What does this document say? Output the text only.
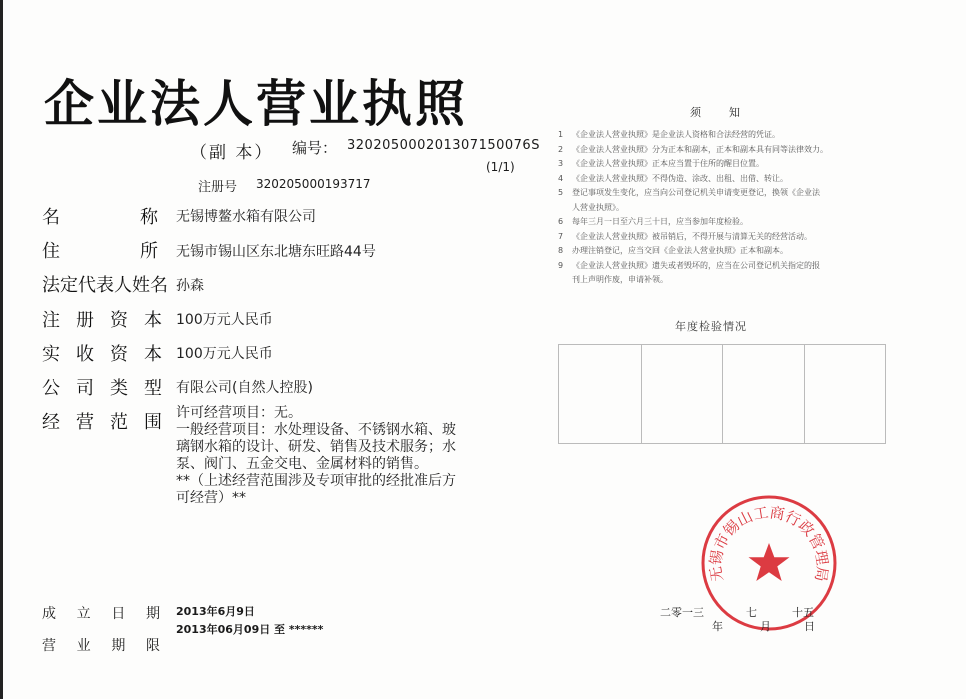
企业法人营业执照
（副 本） 编号： 320205000201307150076S
(1/1)
注册号 320205000193717
名	称 无锡博鳌水箱有限公司
住	所 无锡市锡山区东北塘东旺路44号
法定代表人姓名 孙森
注 册 资 本 100万元人民币
实 收 资 本 100万元人民币
公 司 类 型 有限公司(自然人控股)
经 营 范 围 许可经营项目：无。
一般经营项目：水处理设备、不锈钢水箱、玻
璃钢水箱的设计、研发、销售及技术服务；水
泵、阀门、五金交电、金属材料的销售。
**（上述经营范围涉及专项审批的经批准后方
可经营）**
成 立 日 期 2013年6月9日
营 业 期 限
2013年06月09日 至 ******
须知
1	《企业法人营业执照》是企业法人资格和合法经营的凭证。
2	《企业法人营业执照》分为正本和副本，正本和副本具有同等法律效力。
3	《企业法人营业执照》正本应当置于住所的醒目位置。
4	《企业法人营业执照》不得伪造、涂改、出租、出借、转让。
5	登记事项发生变化，应当向公司登记机关申请变更登记，换领《企业法
人营业执照》。
6	每年三月一日至六月三十日，应当参加年度检验。
7	《企业法人营业执照》被吊销后，不得开展与清算无关的经营活动。
8	办理注销登记，应当交回《企业法人营业执照》正本和副本。
9	《企业法人营业执照》遗失或者毁坏的，应当在公司登记机关指定的报
刊上声明作废，申请补领。
年度检验情况
无锡市锡山工商行政管理局
二零一三
年
七
月
十五
日
